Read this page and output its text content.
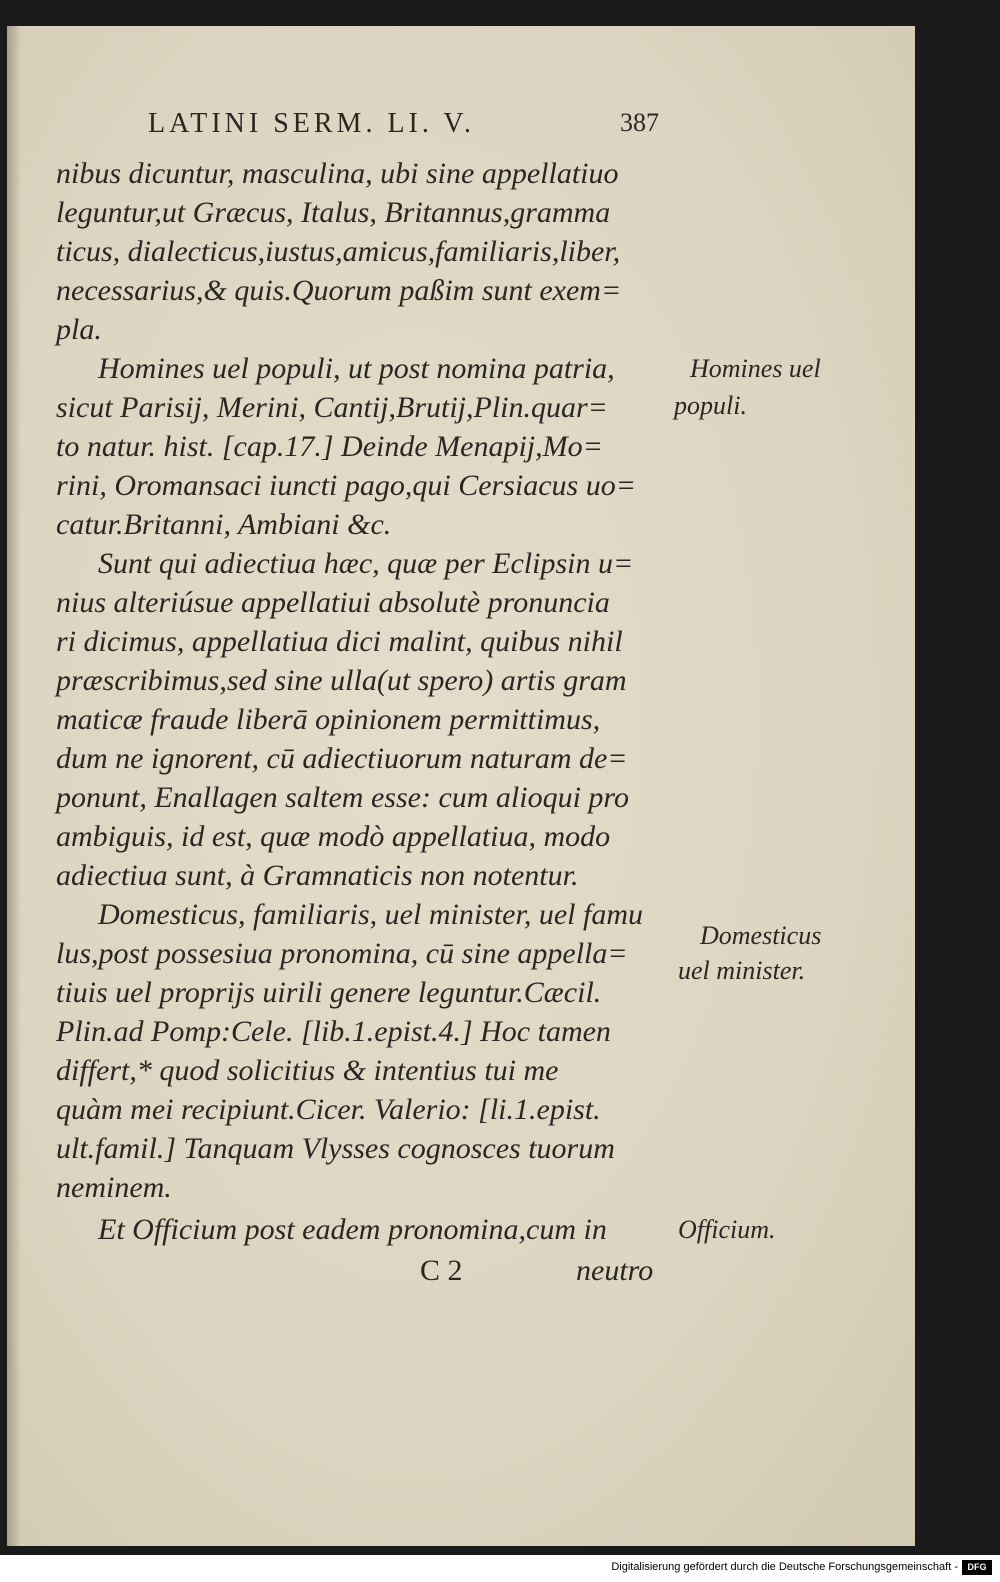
LATINI SERM. LI. V.	387
nibus dicuntur, masculina, ubi sine appellatiuo
leguntur,ut Græcus, Italus, Britannus,gramma
ticus, dialecticus,iustus,amicus,familiaris,liber,
necessarius,& quis.Quorum paßim sunt exem=
pla.
Homines uel populi, ut post nomina patria,
sicut Parisij, Merini, Cantij,Brutij,Plin.quar=
to natur. hist. [cap.17.] Deinde Menapij,Mo=
rini, Oromansaci iuncti pago,qui Cersiacus uo=
catur.Britanni, Ambiani &c.
Sunt qui adiectiua hæc, quæ per Eclipsin u=
nius alteriúsue appellatiui absolutè pronuncia
ri dicimus, appellatiua dici malint, quibus nihil
præscribimus,sed sine ulla(ut spero) artis gram
maticæ fraude liberā opinionem permittimus,
dum ne ignorent, cū adiectiuorum naturam de=
ponunt, Enallagen saltem esse: cum alioqui pro
ambiguis, id est, quæ modò appellatiua, modo
adiectiua sunt, à Gramnaticis non notentur.
Domesticus, familiaris, uel minister, uel famu
lus,post possesiua pronomina, cū sine appella=
tiuis uel proprijs uirili genere leguntur.Cæcil.
Plin.ad Pomp:Cele. [lib.1.epist.4.] Hoc tamen
differt,* quod solicitius & intentius tui me
quàm mei recipiunt.Cicer. Valerio: [li.1.epist.
ult.famil.] Tanquam Vlysses cognosces tuorum
neminem.
Et Officium post eadem pronomina,cum in
Homines uel
populi.
Domesticus
uel minister.
Officium.
C 2	neutro
Digitalisierung gefördert durch die Deutsche Forschungsgemeinschaft -	DFG
